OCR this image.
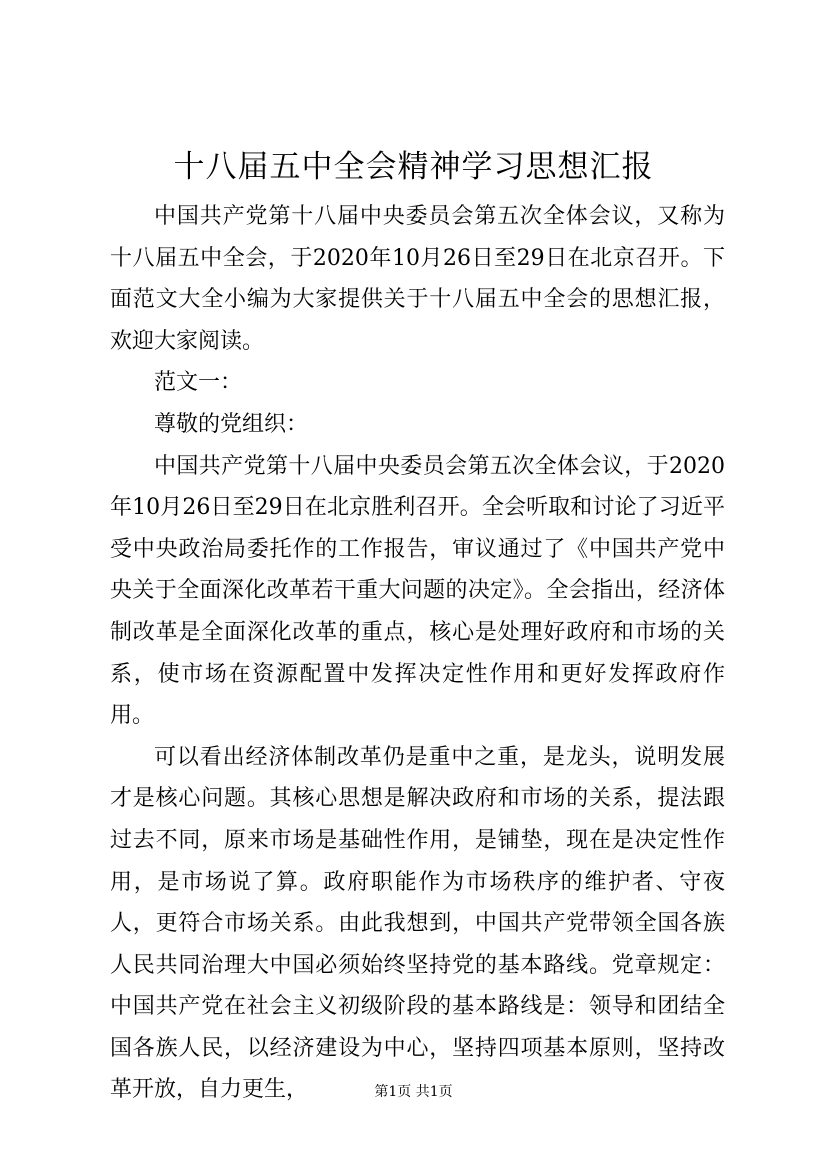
十八届五中全会精神学习思想汇报

中国共产党第十八届中央委员会第五次全体会议，又称为十八届五中全会，于2020年10月26日至29日在北京召开。下面范文大全小编为大家提供关于十八届五中全会的思想汇报，欢迎大家阅读。

范文一：

尊敬的党组织：

中国共产党第十八届中央委员会第五次全体会议，于2020年10月26日至29日在北京胜利召开。全会听取和讨论了习近平受中央政治局委托作的工作报告，审议通过了《中国共产党中央关于全面深化改革若干重大问题的决定》。全会指出，经济体制改革是全面深化改革的重点，核心是处理好政府和市场的关系，使市场在资源配置中发挥决定性作用和更好发挥政府作用。

可以看出经济体制改革仍是重中之重，是龙头，说明发展才是核心问题。其核心思想是解决政府和市场的关系，提法跟过去不同，原来市场是基础性作用，是铺垫，现在是决定性作用，是市场说了算。政府职能作为市场秩序的维护者、守夜人，更符合市场关系。由此我想到，中国共产党带领全国各族人民共同治理大中国必须始终坚持党的基本路线。党章规定：中国共产党在社会主义初级阶段的基本路线是：领导和团结全国各族人民，以经济建设为中心，坚持四项基本原则，坚持改革开放，自力更生，	第1页 共1页
